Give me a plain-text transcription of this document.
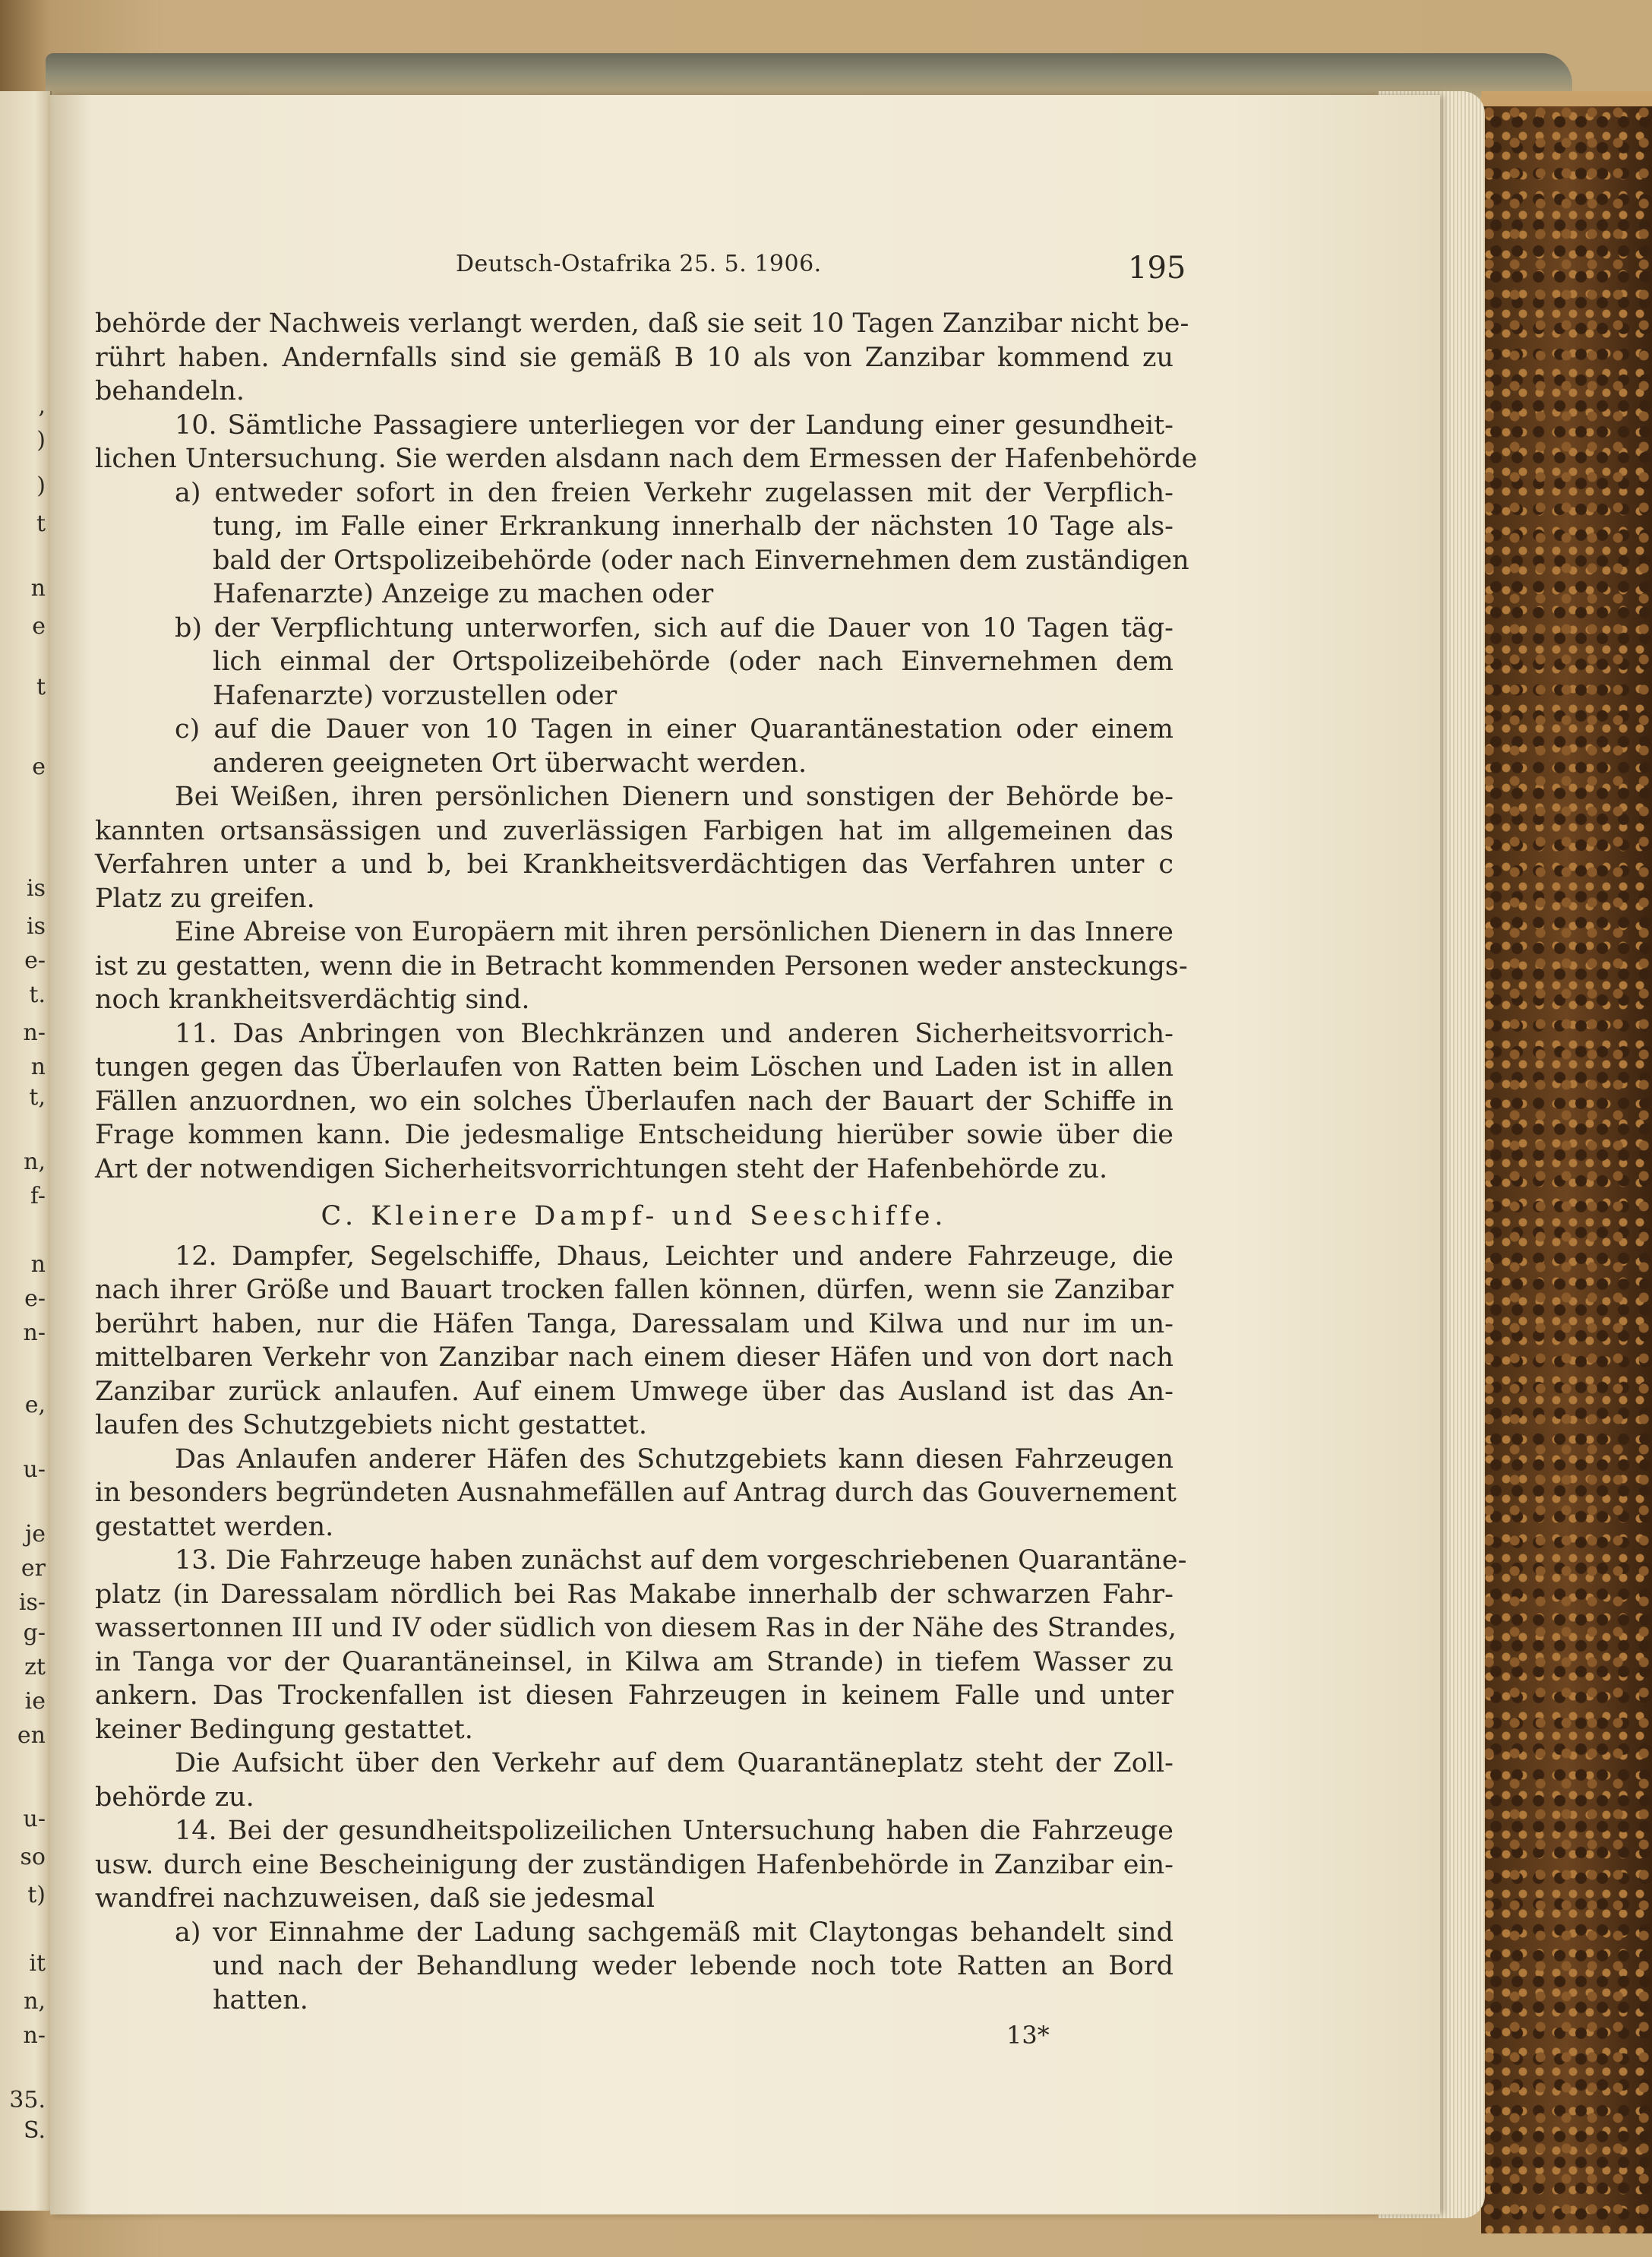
,
)
)
t
n
e
t
e
is
is
e-
t.
n-
n
t,
n,
f-
n
e-
n-
e,
u-
je
er
is-
g-
zt
ie
en
u-
so
t)
it
n,
n-
35.
S.
Deutsch-Ostafrika 25. 5. 1906.	195
behörde der Nachweis verlangt werden, daß sie seit 10 Tagen Zanzibar nicht be-
rührt haben. Andernfalls sind sie gemäß B 10 als von Zanzibar kommend zu
behandeln.
10. Sämtliche Passagiere unterliegen vor der Landung einer gesundheit-
lichen Untersuchung. Sie werden alsdann nach dem Ermessen der Hafenbehörde
a) entweder sofort in den freien Verkehr zugelassen mit der Verpflich-
tung, im Falle einer Erkrankung innerhalb der nächsten 10 Tage als-
bald der Ortspolizeibehörde (oder nach Einvernehmen dem zuständigen
Hafenarzte) Anzeige zu machen oder
b) der Verpflichtung unterworfen, sich auf die Dauer von 10 Tagen täg-
lich einmal der Ortspolizeibehörde (oder nach Einvernehmen dem
Hafenarzte) vorzustellen oder
c) auf die Dauer von 10 Tagen in einer Quarantänestation oder einem
anderen geeigneten Ort überwacht werden.
Bei Weißen, ihren persönlichen Dienern und sonstigen der Behörde be-
kannten ortsansässigen und zuverlässigen Farbigen hat im allgemeinen das
Verfahren unter a und b, bei Krankheitsverdächtigen das Verfahren unter c
Platz zu greifen.
Eine Abreise von Europäern mit ihren persönlichen Dienern in das Innere
ist zu gestatten, wenn die in Betracht kommenden Personen weder ansteckungs-
noch krankheitsverdächtig sind.
11. Das Anbringen von Blechkränzen und anderen Sicherheitsvorrich-
tungen gegen das Überlaufen von Ratten beim Löschen und Laden ist in allen
Fällen anzuordnen, wo ein solches Überlaufen nach der Bauart der Schiffe in
Frage kommen kann. Die jedesmalige Entscheidung hierüber sowie über die
Art der notwendigen Sicherheitsvorrichtungen steht der Hafenbehörde zu.
C. Kleinere Dampf- und Seeschiffe.
12. Dampfer, Segelschiffe, Dhaus, Leichter und andere Fahrzeuge, die
nach ihrer Größe und Bauart trocken fallen können, dürfen, wenn sie Zanzibar
berührt haben, nur die Häfen Tanga, Daressalam und Kilwa und nur im un-
mittelbaren Verkehr von Zanzibar nach einem dieser Häfen und von dort nach
Zanzibar zurück anlaufen. Auf einem Umwege über das Ausland ist das An-
laufen des Schutzgebiets nicht gestattet.
Das Anlaufen anderer Häfen des Schutzgebiets kann diesen Fahrzeugen
in besonders begründeten Ausnahmefällen auf Antrag durch das Gouvernement
gestattet werden.
13. Die Fahrzeuge haben zunächst auf dem vorgeschriebenen Quarantäne-
platz (in Daressalam nördlich bei Ras Makabe innerhalb der schwarzen Fahr-
wassertonnen III und IV oder südlich von diesem Ras in der Nähe des Strandes,
in Tanga vor der Quarantäneinsel, in Kilwa am Strande) in tiefem Wasser zu
ankern. Das Trockenfallen ist diesen Fahrzeugen in keinem Falle und unter
keiner Bedingung gestattet.
Die Aufsicht über den Verkehr auf dem Quarantäneplatz steht der Zoll-
behörde zu.
14. Bei der gesundheitspolizeilichen Untersuchung haben die Fahrzeuge
usw. durch eine Bescheinigung der zuständigen Hafenbehörde in Zanzibar ein-
wandfrei nachzuweisen, daß sie jedesmal
a) vor Einnahme der Ladung sachgemäß mit Claytongas behandelt sind
und nach der Behandlung weder lebende noch tote Ratten an Bord
hatten.
13*
